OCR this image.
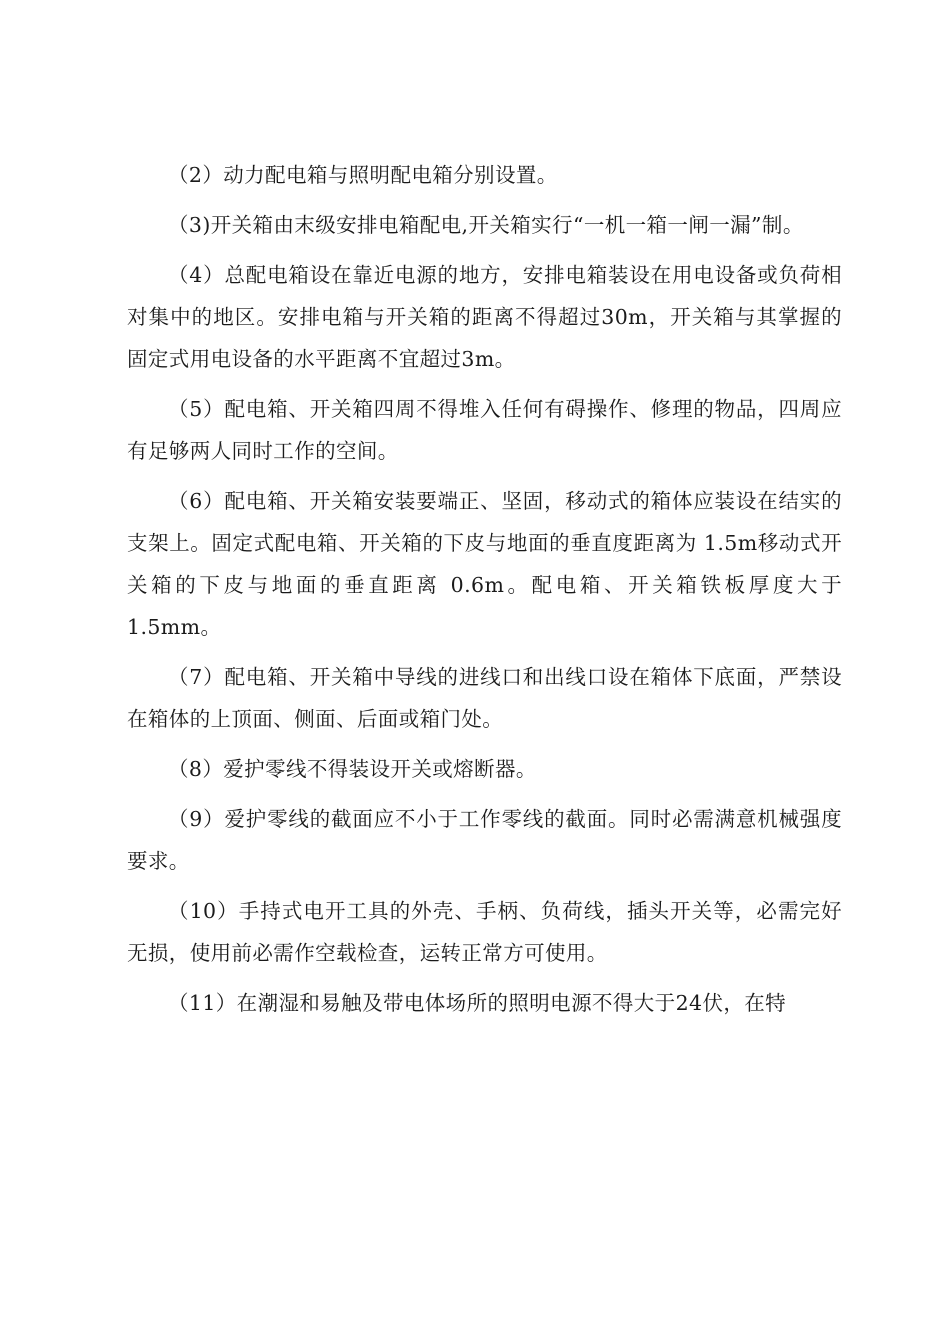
（2）动力配电箱与照明配电箱分别设置。

（3)开关箱由末级安排电箱配电,开关箱实行“一机一箱一闸一漏”制。

（4）总配电箱设在靠近电源的地方，安排电箱装设在用电设备或负荷相对集中的地区。安排电箱与开关箱的距离不得超过30m，开关箱与其掌握的固定式用电设备的水平距离不宜超过3m。

（5）配电箱、开关箱四周不得堆入任何有碍操作、修理的物品，四周应有足够两人同时工作的空间。

（6）配电箱、开关箱安装要端正、坚固，移动式的箱体应装设在结实的支架上。固定式配电箱、开关箱的下皮与地面的垂直度距离为 1.5m移动式开关箱的下皮与地面的垂直距离 0.6m。配电箱、开关箱铁板厚度大于 1.5mm。

（7）配电箱、开关箱中导线的进线口和出线口设在箱体下底面，严禁设在箱体的上顶面、侧面、后面或箱门处。

（8）爱护零线不得装设开关或熔断器。

（9）爱护零线的截面应不小于工作零线的截面。同时必需满意机械强度要求。

（10）手持式电开工具的外壳、手柄、负荷线，插头开关等，必需完好无损，使用前必需作空载检查，运转正常方可使用。

（11）在潮湿和易触及带电体场所的照明电源不得大于24伏，在特
